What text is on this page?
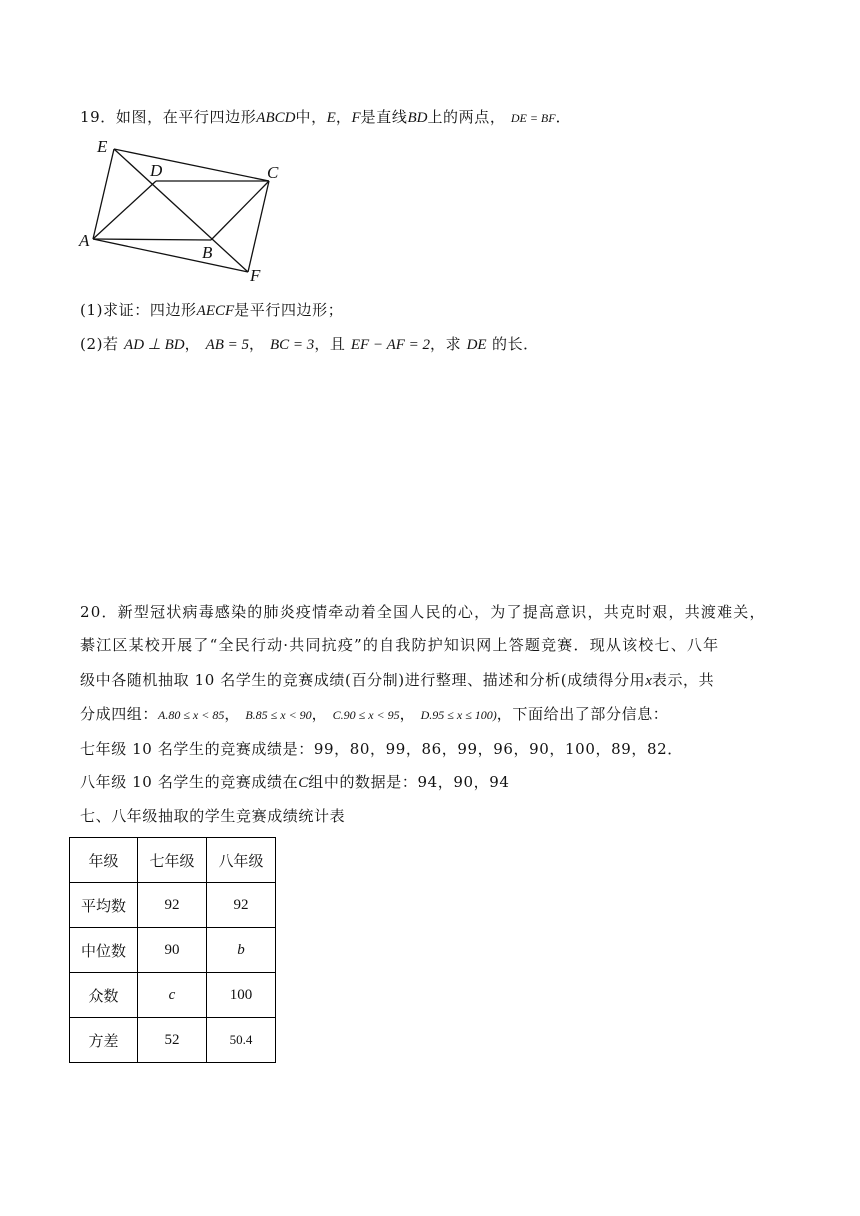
19．如图，在平行四边形ABCD中，E，F是直线BD上的两点， DE = BF．
E
D	C
A
B
F
(1)求证：四边形AECF是平行四边形；
(2)若 AD ⊥ BD， AB = 5， BC = 3，且 EF − AF = 2，求 DE 的长．
20．新型冠状病毒感染的肺炎疫情牵动着全国人民的心，为了提高意识，共克时艰，共渡难关，
綦江区某校开展了“全民行动·共同抗疫”的自我防护知识网上答题竞赛．现从该校七、八年
级中各随机抽取 10 名学生的竞赛成绩(百分制)进行整理、描述和分析(成绩得分用x表示，共
分成四组：A.80 ≤ x < 85， B.85 ≤ x < 90， C.90 ≤ x < 95， D.95 ≤ x ≤ 100)，下面给出了部分信息：
七年级 10 名学生的竞赛成绩是：99，80，99，86，99，96，90，100，89，82．
八年级 10 名学生的竞赛成绩在C组中的数据是：94，90，94
七、八年级抽取的学生竞赛成绩统计表
年级	七年级	八年级
平均数	92	92
中位数	90	b
众数	c	100
方差	52	50.4
